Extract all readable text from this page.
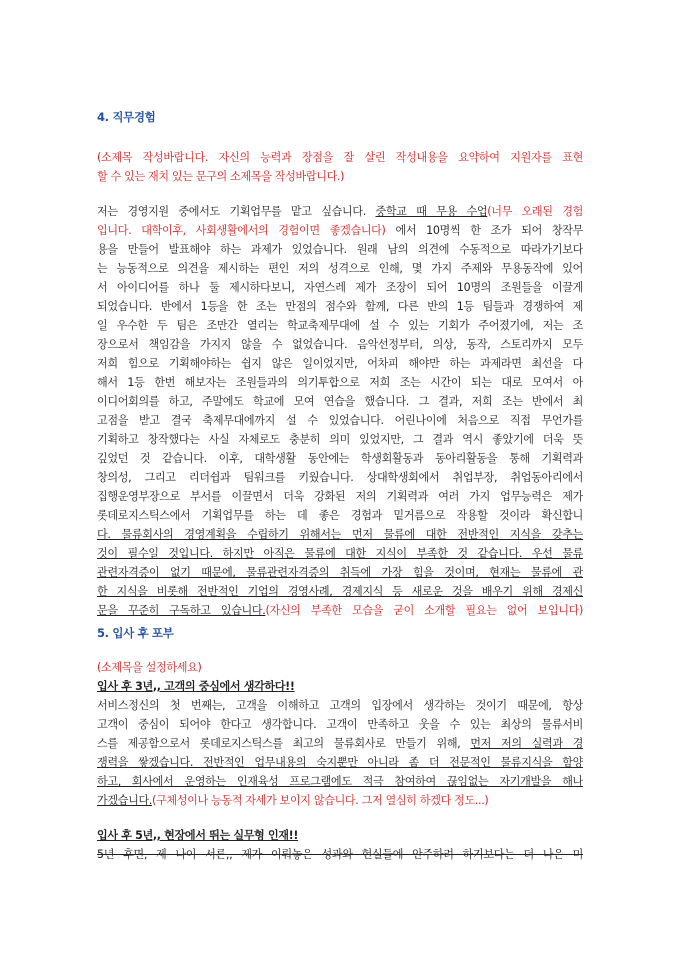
4. 직무경험
(소제목 작성바랍니다. 자신의 능력과 장점을 잘 살린 작성내용을 요약하여 지원자를 표현
할 수 있는 재치 있는 문구의 소제목을 작성바랍니다.)
저는 경영지원 중에서도 기획업무를 맡고 싶습니다. 중학교 때 무용 수업(너무 오래된 경험
입니다. 대학이후, 사회생활에서의 경험이면 좋겠습니다) 에서 10명씩 한 조가 되어 창작무
용을 만들어 발표해야 하는 과제가 있었습니다. 원래 남의 의견에 수동적으로 따라가기보다
는 능동적으로 의견을 제시하는 편인 저의 성격으로 인해, 몇 가지 주제와 무용동작에 있어
서 아이디어를 하나 둘 제시하다보니, 자연스레 제가 조장이 되어 10명의 조원들을 이끌게
되었습니다. 반에서 1등을 한 조는 만점의 점수와 함께, 다른 반의 1등 팀들과 경쟁하여 제
일 우수한 두 팀은 조만간 열리는 학교축제무대에 설 수 있는 기회가 주어졌기에, 저는 조
장으로서 책임감을 가지지 않을 수 없었습니다. 음악선정부터, 의상, 동작, 스토리까지 모두
저희 힘으로 기획해야하는 쉽지 않은 일이었지만, 어차피 해야만 하는 과제라면 최선을 다
해서 1등 한번 해보자는 조원들과의 의기투합으로 저희 조는 시간이 되는 대로 모여서 아
이디어회의를 하고, 주말에도 학교에 모여 연습을 했습니다. 그 결과, 저희 조는 반에서 최
고점을 받고 결국 축제무대에까지 설 수 있었습니다. 어린나이에 처음으로 직접 무언가를
기획하고 창작했다는 사실 자체로도 충분히 의미 있었지만, 그 결과 역시 좋았기에 더욱 뜻
깊었던 것 같습니다. 이후, 대학생활 동안에는 학생회활동과 동아리활동을 통해 기획력과
창의성, 그리고 리더쉽과 팀워크를 키웠습니다. 상대학생회에서 취업부장, 취업동아리에서
집행운영부장으로 부서를 이끌면서 더욱 강화된 저의 기획력과 여러 가지 업무능력은 제가
롯데로지스틱스에서 기획업무를 하는 데 좋은 경험과 밑거름으로 작용할 것이라 확신합니
다. 물류회사의 경영계획을 수립하기 위해서는 먼저 물류에 대한 전반적인 지식을 갖추는
것이 필수일 것입니다. 하지만 아직은 물류에 대한 지식이 부족한 것 같습니다. 우선 물류
관련자격증이 없기 때문에, 물류관련자격증의 취득에 가장 힘을 것이며, 현재는 물류에 관
한 지식을 비롯해 전반적인 기업의 경영사례, 경제지식 등 새로운 것을 배우기 위해 경제신
문을 꾸준히 구독하고 있습니다.(자신의 부족한 모습을 굳이 소개할 필요는 없어 보입니다)
5. 입사 후 포부
(소제목을 설정하세요)
입사 후 3년,, 고객의 중심에서 생각하다!!
서비스정신의 첫 번째는, 고객을 이해하고 고객의 입장에서 생각하는 것이기 때문에, 항상
고객이 중심이 되어야 한다고 생각합니다. 고객이 만족하고 웃을 수 있는 최상의 물류서비
스를 제공함으로서 롯데로지스틱스를 최고의 물류회사로 만들기 위해, 먼저 저의 실력과 경
쟁력을 쌓겠습니다. 전반적인 업무내용의 숙지뿐만 아니라 좀 더 전문적인 물류지식을 함양
하고, 회사에서 운영하는 인재육성 프로그램에도 적극 참여하여 끊임없는 자기개발을 해나
가겠습니다.(구체성이나 능동적 자세가 보이지 않습니다. 그저 열심히 하겠다 정도...)
입사 후 5년,, 현장에서 뛰는 실무형 인재!!
5년 후면, 제 나이 서른,, 제가 이뤄놓은 성과와 현실들에 안주하려 하기보다는 더 나은 미
